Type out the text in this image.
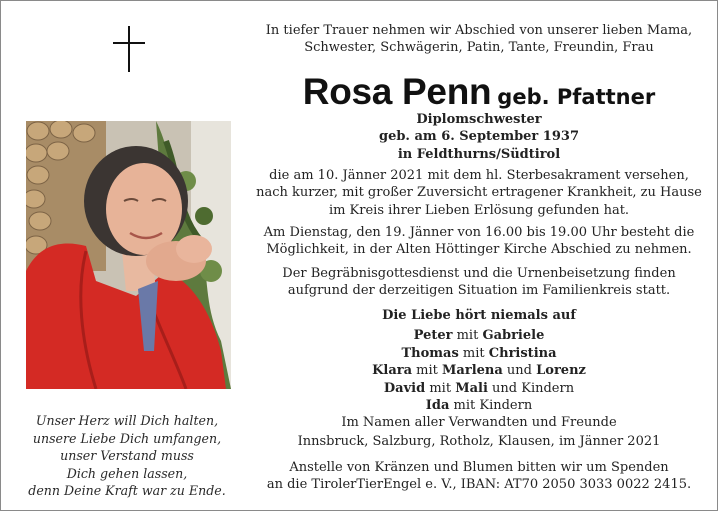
Unser Herz will Dich halten,
unsere Liebe Dich umfangen,
unser Verstand muss
Dich gehen lassen,
denn Deine Kraft war zu Ende.
In tiefer Trauer nehmen wir Abschied von unserer lieben Mama,
Schwester, Schwägerin, Patin, Tante, Freundin, Frau
Rosa Penn geb. Pfattner
Diplomschwester
geb. am 6. September 1937
in Feldthurns/Südtirol
die am 10. Jänner 2021 mit dem hl. Sterbesakrament versehen,
nach kurzer, mit großer Zuversicht ertragener Krankheit, zu Hause
im Kreis ihrer Lieben Erlösung gefunden hat.
Am Dienstag, den 19. Jänner von 16.00 bis 19.00 Uhr besteht die
Möglichkeit, in der Alten Höttinger Kirche Abschied zu nehmen.
Der Begräbnisgottesdienst und die Urnenbeisetzung finden
aufgrund der derzeitigen Situation im Familienkreis statt.
Die Liebe hört niemals auf
Peter mit Gabriele
Thomas mit Christina
Klara mit Marlena und Lorenz
David mit Mali und Kindern
Ida mit Kindern
Im Namen aller Verwandten und Freunde
Innsbruck, Salzburg, Rotholz, Klausen, im Jänner 2021
Anstelle von Kränzen und Blumen bitten wir um Spenden
an die TirolerTierEngel e. V., IBAN: AT70 2050 3033 0022 2415.
